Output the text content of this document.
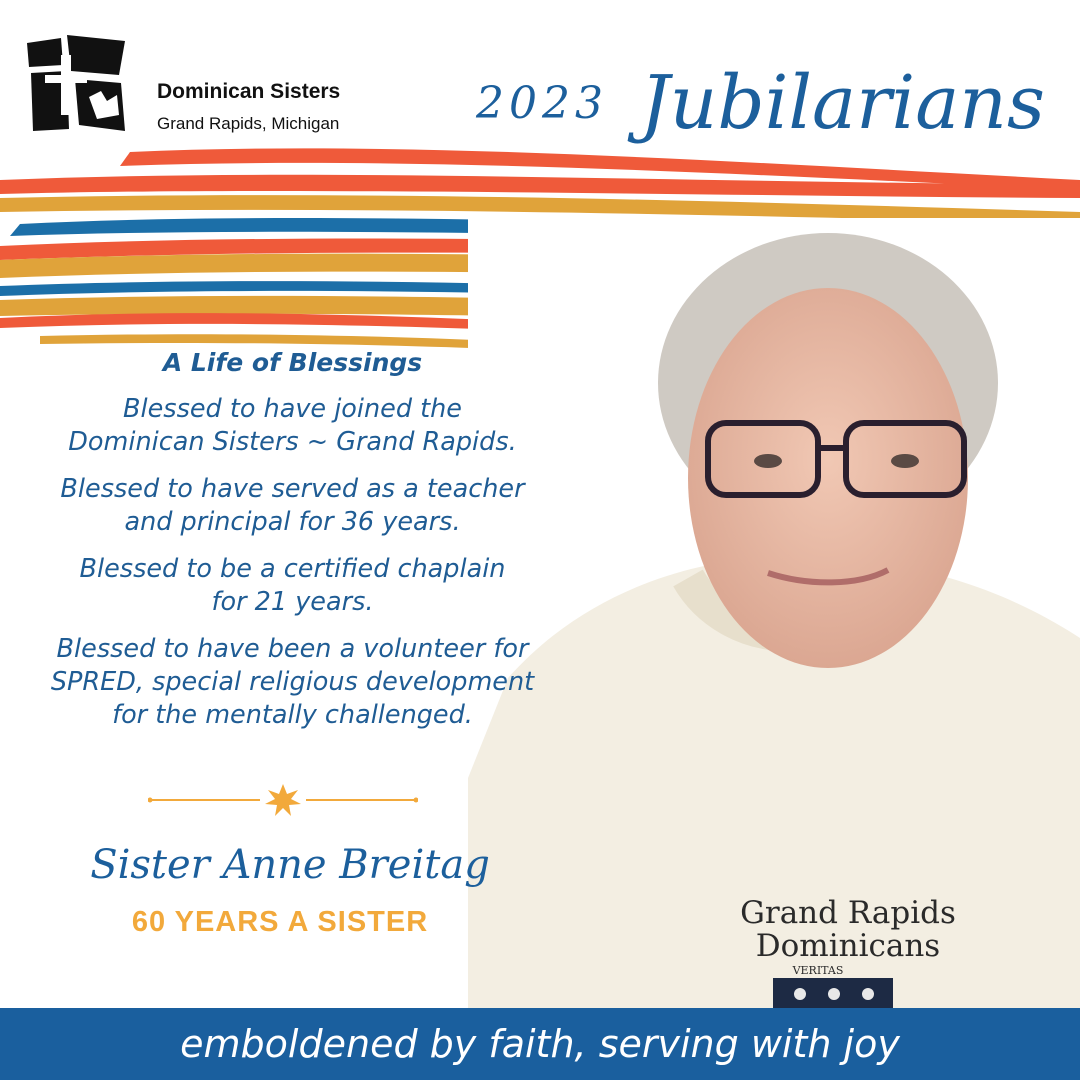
Dominican Sisters
Grand Rapids, Michigan	2023 Jubilarians
Grand Rapids
Dominicans
VERITAS
A Life of Blessings
Blessed to have joined the
Dominican Sisters ~ Grand Rapids.
Blessed to have served as a teacher
and principal for 36 years.
Blessed to be a certified chaplain
for 21 years.
Blessed to have been a volunteer for
SPRED, special religious development
for the mentally challenged.
Sister Anne Breitag
60 YEARS A SISTER
emboldened by faith, serving with joy
